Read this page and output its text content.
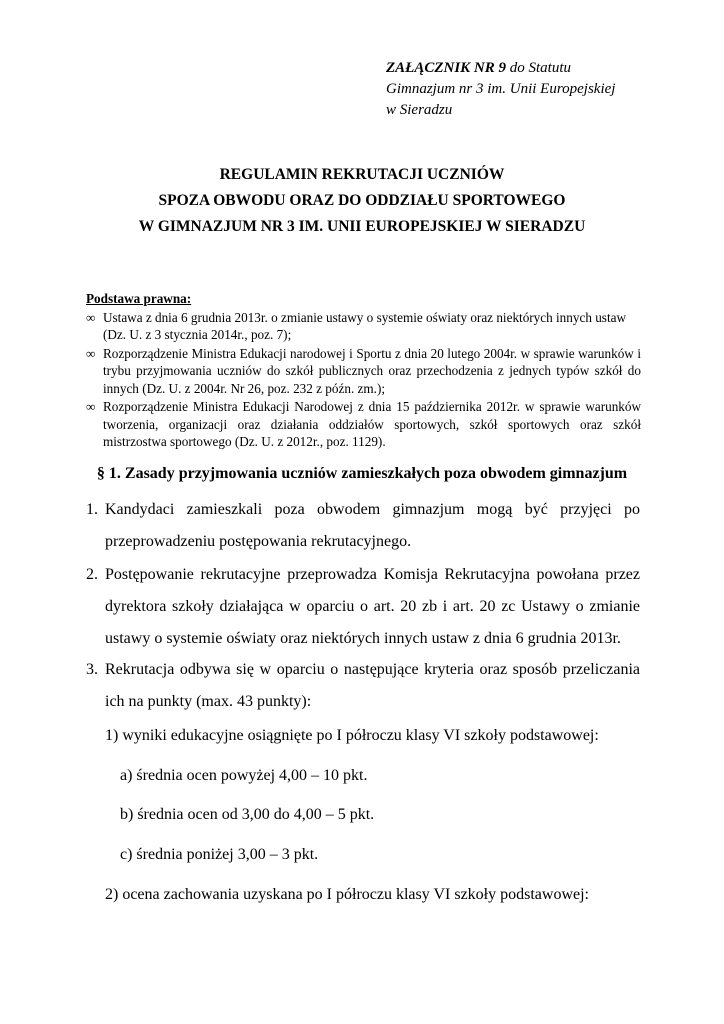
ZAŁĄCZNIK NR 9 do Statutu
Gimnazjum nr 3 im. Unii Europejskiej
w Sieradzu
REGULAMIN REKRUTACJI UCZNIÓW
SPOZA OBWODU ORAZ DO ODDZIAŁU SPORTOWEGO
W GIMNAZJUM NR 3 IM. UNII EUROPEJSKIEJ W SIERADZU
Podstawa prawna:
∞ Ustawa z dnia 6 grudnia 2013r. o zmianie ustawy o systemie oświaty oraz niektórych innych ustaw
(Dz. U. z 3 stycznia 2014r., poz. 7);
∞ Rozporządzenie Ministra Edukacji narodowej i Sportu z dnia 20 lutego 2004r. w sprawie warunków i trybu przyjmowania uczniów do szkół publicznych oraz przechodzenia z jednych typów szkół do innych (Dz. U. z 2004r. Nr 26, poz. 232 z późn. zm.);
∞ Rozporządzenie Ministra Edukacji Narodowej z dnia 15 października 2012r. w sprawie warunków tworzenia, organizacji oraz działania oddziałów sportowych, szkół sportowych oraz szkół mistrzostwa sportowego (Dz. U. z 2012r., poz. 1129).
§ 1. Zasady przyjmowania uczniów zamieszkałych poza obwodem gimnazjum
1. Kandydaci zamieszkali poza obwodem gimnazjum mogą być przyjęci po przeprowadzeniu postępowania rekrutacyjnego.
2. Postępowanie rekrutacyjne przeprowadza Komisja Rekrutacyjna powołana przez dyrektora szkoły działająca w oparciu o art. 20 zb i art. 20 zc Ustawy o zmianie ustawy o systemie oświaty oraz niektórych innych ustaw z dnia 6 grudnia 2013r.
3. Rekrutacja odbywa się w oparciu o następujące kryteria oraz sposób przeliczania ich na punkty (max. 43 punkty):
1) wyniki edukacyjne osiągnięte po I półroczu klasy VI szkoły podstawowej:
a) średnia ocen powyżej 4,00 – 10 pkt.
b) średnia ocen od 3,00 do 4,00 – 5 pkt.
c) średnia poniżej 3,00 – 3 pkt.
2) ocena zachowania uzyskana po I półroczu klasy VI szkoły podstawowej:
